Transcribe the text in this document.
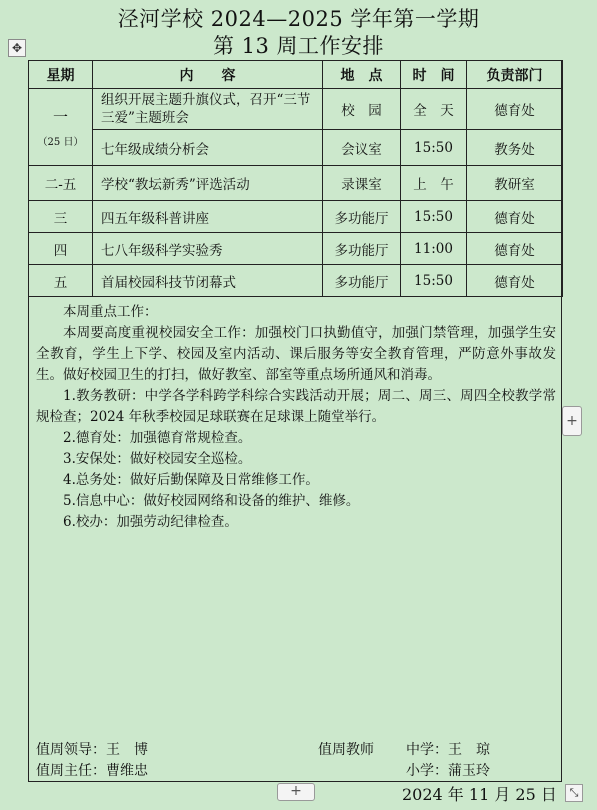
泾河学校 2024—2025 学年第一学期
第 13 周工作安排
✥
星期	内　　容	地　点	时　间	负责部门

一
（25 日）	组织开展主题升旗仪式，召开“三节三爱”主题班会	校　园	全　天	德育处
	七年级成绩分析会	会议室	15:50	教务处
二-五	学校“教坛新秀”评选活动	录课室	上　午	教研室
三	四五年级科普讲座	多功能厅	15:50	德育处
四	七八年级科学实验秀	多功能厅	11:00	德育处
五	首届校园科技节闭幕式	多功能厅	15:50	德育处

本周重点工作：

本周要高度重视校园安全工作：加强校门口执勤值守，加强门禁管理，加强学生安全教育，学生上下学、校园及室内活动、课后服务等安全教育管理，严防意外事故发生。做好校园卫生的打扫，做好教室、部室等重点场所通风和消毒。

1.教务教研：中学各学科跨学科综合实践活动开展；周二、周三、周四全校教学常规检查；2024 年秋季校园足球联赛在足球课上随堂举行。

2.德育处：加强德育常规检查。

3.安保处：做好校园安全巡检。

4.总务处：做好后勤保障及日常维修工作。

5.信息中心：做好校园网络和设备的维护、维修。

6.校办：加强劳动纪律检查。

+
值周领导：王　博
值周主任：曹维忠
值周教师 中学：王　琼
小学：蒲玉玲
+	2024 年 11 月 25 日	⤡
